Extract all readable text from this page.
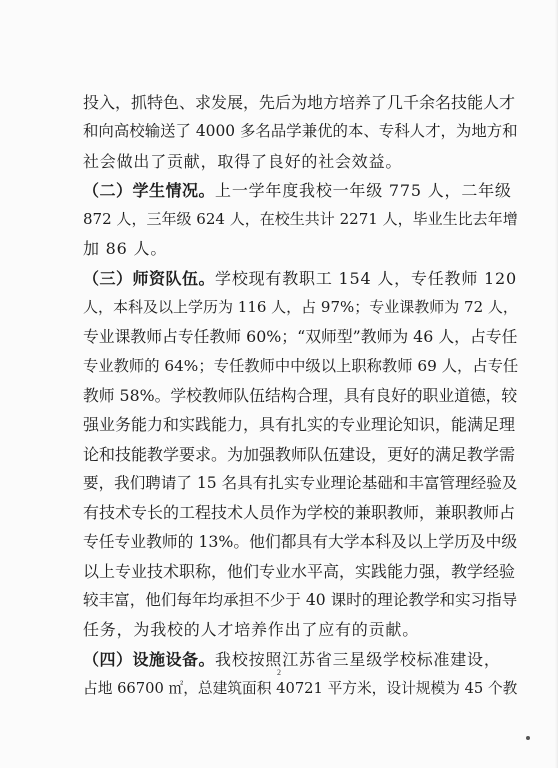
投入，抓特色、求发展，先后为地方培养了几千余名技能人才

和向高校输送了 4000 多名品学兼优的本、专科人才，为地方和

社会做出了贡献，取得了良好的社会效益。

（二）学生情况。上一学年度我校一年级 775 人，二年级

872 人，三年级 624 人，在校生共计 2271 人，毕业生比去年增

加 86 人。

（三）师资队伍。学校现有教职工 154 人，专任教师 120

人，本科及以上学历为 116 人，占 97%；专业课教师为 72 人，

专业课教师占专任教师 60%；“双师型”教师为 46 人，占专任

专业教师的 64%；专任教师中中级以上职称教师 69 人，占专任

教师 58%。学校教师队伍结构合理，具有良好的职业道德，较

强业务能力和实践能力，具有扎实的专业理论知识，能满足理

论和技能教学要求。为加强教师队伍建设，更好的满足教学需

要，我们聘请了 15 名具有扎实专业理论基础和丰富管理经验及

有技术专长的工程技术人员作为学校的兼职教师，兼职教师占

专任专业教师的 13%。他们都具有大学本科及以上学历及中级

以上专业技术职称，他们专业水平高，实践能力强，教学经验

较丰富，他们每年均承担不少于 40 课时的理论教学和实习指导

任务，为我校的人才培养作出了应有的贡献。

（四）设施设备。我校按照江苏省三星级学校标准建设，

占地 66700 ㎡，总建筑面积 40721 平方米，设计规模为 45 个教

2
